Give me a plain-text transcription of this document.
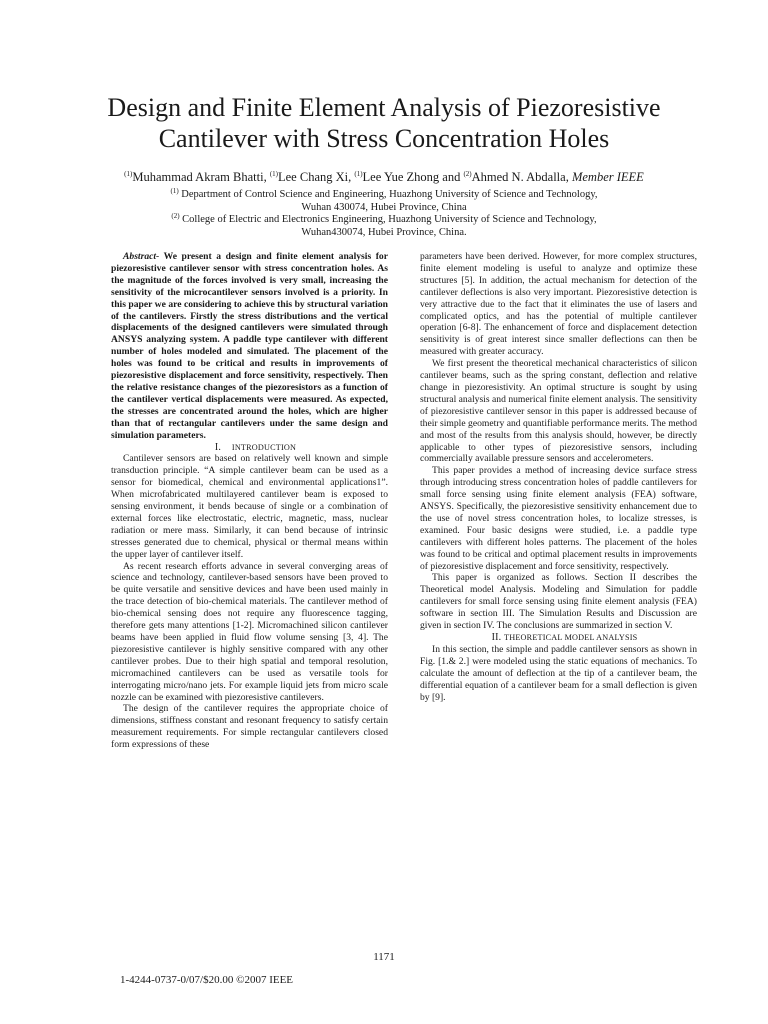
Design and Finite Element Analysis of Piezoresistive
Cantilever with Stress Concentration Holes
$^{(1)}$Muhammad Akram Bhatti, $^{(1)}$Lee Chang Xi, $^{(1)}$Lee Yue Zhong and $^{(2)}$Ahmed N. Abdalla, Member IEEE
$^{(1)}$ Department of Control Science and Engineering, Huazhong University of Science and Technology,
Wuhan 430074, Hubei Province, China
$^{(2)}$ College of Electric and Electronics Engineering, Huazhong University of Science and Technology,
Wuhan430074, Hubei Province, China.

Abstract- We present a design and finite element analysis for piezoresistive cantilever sensor with stress concentration holes. As the magnitude of the forces involved is very small, increasing the sensitivity of the microcantilever sensors involved is a priority. In this paper we are considering to achieve this by structural variation of the cantilevers. Firstly the stress distributions and the vertical displacements of the designed cantilevers were simulated through ANSYS analyzing system. A paddle type cantilever with different number of holes modeled and simulated. The placement of the holes was found to be critical and results in improvements of piezoresistive displacement and force sensitivity, respectively. Then the relative resistance changes of the piezoresistors as a function of the cantilever vertical displacements were measured. As expected, the stresses are concentrated around the holes, which are higher than that of rectangular cantilevers under the same design and simulation parameters.

I. INTRODUCTION

Cantilever sensors are based on relatively well known and simple transduction principle. “A simple cantilever beam can be used as a sensor for biomedical, chemical and environmental applications1”. When microfabricated multilayered cantilever beam is exposed to sensing environment, it bends because of single or a combination of external forces like electrostatic, electric, magnetic, mass, nuclear radiation or mere mass. Similarly, it can bend because of intrinsic stresses generated due to chemical, physical or thermal means within the upper layer of cantilever itself.

As recent research efforts advance in several converging areas of science and technology, cantilever-based sensors have been proved to be quite versatile and sensitive devices and have been used mainly in the trace detection of bio-chemical materials. The cantilever method of bio-chemical sensing does not require any fluorescence tagging, therefore gets many attentions [1-2]. Micromachined silicon cantilever beams have been applied in fluid flow volume sensing [3, 4]. The piezoresistive cantilever is highly sensitive compared with any other cantilever probes. Due to their high spatial and temporal resolution, micromachined cantilevers can be used as versatile tools for interrogating micro/nano jets. For example liquid jets from micro scale nozzle can be examined with piezoresistive cantilevers.

The design of the cantilever requires the appropriate choice of dimensions, stiffness constant and resonant frequency to satisfy certain measurement requirements. For simple rectangular cantilevers closed form expressions of these

parameters have been derived. However, for more complex structures, finite element modeling is useful to analyze and optimize these structures [5]. In addition, the actual mechanism for detection of the cantilever deflections is also very important. Piezoresistive detection is very attractive due to the fact that it eliminates the use of lasers and complicated optics, and has the potential of multiple cantilever operation [6-8]. The enhancement of force and displacement detection sensitivity is of great interest since smaller deflections can then be measured with greater accuracy.

We first present the theoretical mechanical characteristics of silicon cantilever beams, such as the spring constant, deflection and relative change in piezoresistivity. An optimal structure is sought by using structural analysis and numerical finite element analysis. The sensitivity of piezoresistive cantilever sensor in this paper is addressed because of their simple geometry and quantifiable performance merits. The method and most of the results from this analysis should, however, be directly applicable to other types of piezoresistive sensors, including commercially available pressure sensors and accelerometers.

This paper provides a method of increasing device surface stress through introducing stress concentration holes of paddle cantilevers for small force sensing using finite element analysis (FEA) software, ANSYS. Specifically, the piezoresistive sensitivity enhancement due to the use of novel stress concentration holes, to localize stresses, is examined. Four basic designs were studied, i.e. a paddle type cantilevers with different holes patterns. The placement of the holes was found to be critical and optimal placement results in improvements of piezoresistive displacement and force sensitivity, respectively.

This paper is organized as follows. Section II describes the Theoretical model Analysis. Modeling and Simulation for paddle cantilevers for small force sensing using finite element analysis (FEA) software in section III. The Simulation Results and Discussion are given in section IV. The conclusions are summarized in section V.

II. THEORETICAL MODEL ANALYSIS

In this section, the simple and paddle cantilever sensors as shown in Fig. [1.& 2.] were modeled using the static equations of mechanics. To calculate the amount of deflection at the tip of a cantilever beam, the differential equation of a cantilever beam for a small deflection is given by [9].

1171
1-4244-0737-0/07/$20.00 ©2007 IEEE
